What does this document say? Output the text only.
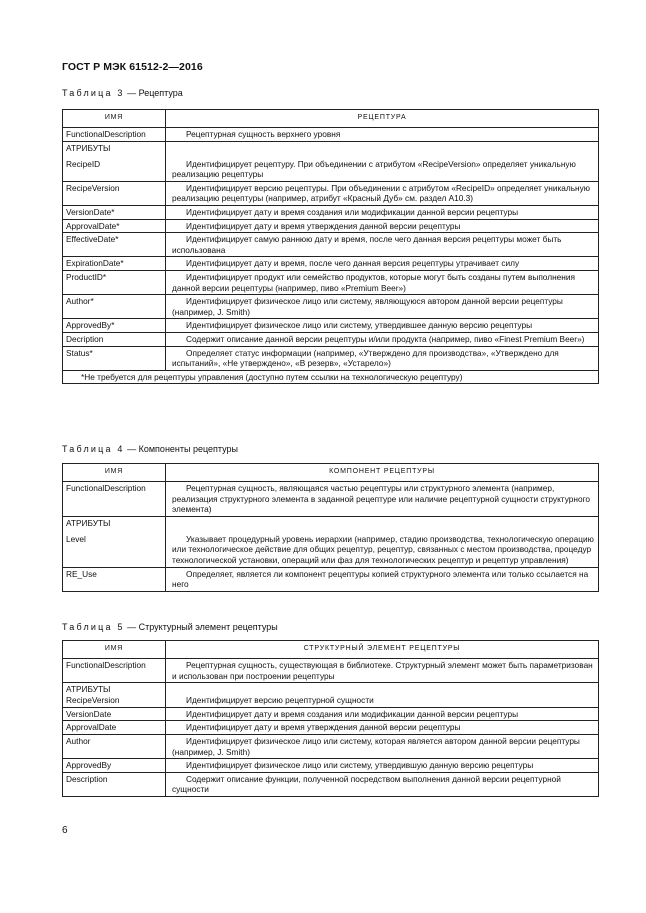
ГОСТ Р МЭК 61512-2—2016
Таблица 3 — Рецептура
ИМЯ	РЕЦЕПТУРА
FunctionalDescription	Рецептурная сущность верхнего уровня

АТРИБУТЫ
RecipeID	Идентифицирует рецептуру. При объединении с атрибутом «RecipeVersion» определяет уникальную реализацию рецептуры
RecipeVersion	Идентифицирует версию рецептуры. При объединении с атрибутом «RecipeID» определяет уникальную реализацию рецептуры (например, атрибут «Красный Дуб» см. раздел А10.3)
VersionDate*	Идентифицирует дату и время создания или модификации данной версии рецептуры
ApprovalDate*	Идентифицирует дату и время утверждения данной версии рецептуры
EffectiveDate*	Идентифицирует самую раннюю дату и время, после чего данная версия рецептуры может быть использована
ExpirationDate*	Идентифицирует дату и время, после чего данная версия рецептуры утрачивает силу
ProductID*	Идентифицирует продукт или семейство продуктов, которые могут быть созданы путем выполнения данной версии рецептуры (например, пиво «Premium Beer»)
Author*	Идентифицирует физическое лицо или систему, являющуюся автором данной версии рецептуры (например, J. Smith)
ApprovedBy*	Идентифицирует физическое лицо или систему, утвердившее данную версию рецептуры
Decription	Содержит описание данной версии рецептуры и/или продукта (например, пиво «Finest Premium Beer»)
Status*	Определяет статус информации (например, «Утверждено для производства», «Утверждено для испытаний», «Не утверждено», «В резерв», «Устарело»)
*Не требуется для рецептуры управления (доступно путем ссылки на технологическую рецептуру)	
Таблица 4 — Компоненты рецептуры
ИМЯ	КОМПОНЕНТ РЕЦЕПТУРЫ
FunctionalDescription	Рецептурная сущность, являющаяся частью рецептуры или структурного элемента (например, реализация структурного элемента в заданной рецептуре или наличие рецептурной сущности структурного элемента)

АТРИБУТЫ
Level	Указывает процедурный уровень иерархии (например, стадию производства, технологическую операцию или технологическое действие для общих рецептур, рецептур, связанных с местом производства, процедур технологической установки, операций или фаз для технологических рецептур и рецептур управления)
RE_Use	Определяет, является ли компонент рецептуры копией структурного элемента или только ссылается на него
Таблица 5 — Структурный элемент рецептуры
ИМЯ	СТРУКТУРНЫЙ ЭЛЕМЕНТ РЕЦЕПТУРЫ
FunctionalDescription	Рецептурная сущность, существующая в библиотеке. Структурный элемент может быть параметризован и использован при построении рецептуры

АТРИБУТЫ
RecipeVersion	Идентифицирует версию рецептурной сущности
VersionDate	Идентифицирует дату и время создания или модификации данной версии рецептуры
ApprovalDate	Идентифицирует дату и время утверждения данной версии рецептуры
Author	Идентифицирует физическое лицо или систему, которая является автором данной версии рецептуры (например, J. Smith)
ApprovedBy	Идентифицирует физическое лицо или систему, утвердившую данную версию рецептуры
Description	Содержит описание функции, полученной посредством выполнения данной версии рецептурной сущности
6
